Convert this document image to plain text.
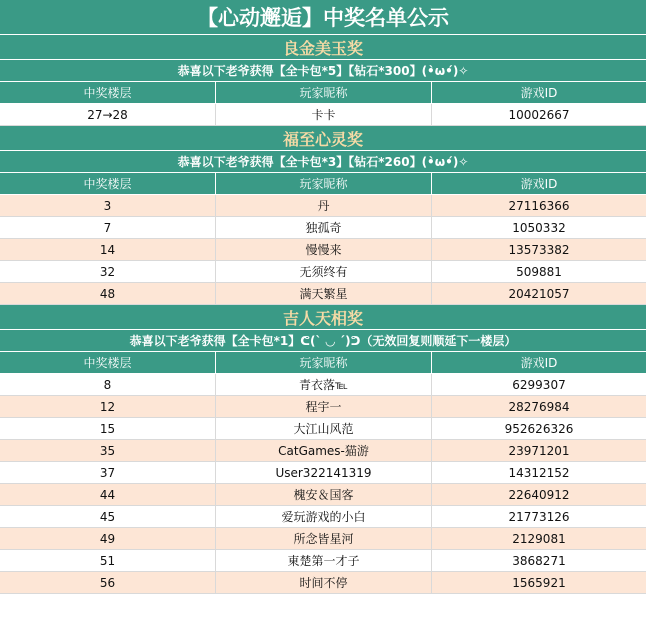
【心动邂逅】中奖名单公示
良金美玉奖
恭喜以下老爷获得【全卡包*5】【钻石*300】(•̀ω•́)✧
中奖楼层	玩家昵称	游戏ID
27→28	卡卡	10002667
福至心灵奖
恭喜以下老爷获得【全卡包*3】【钻石*260】(•̀ω•́)✧
中奖楼层	玩家昵称	游戏ID
3	丹	27116366
7	独孤奇	1050332
14	慢慢来	13573382
32	无须终有	509881
48	满天繁星	20421057
吉人天相奖
恭喜以下老爷获得【全卡包*1】ᕦ(ˋ ◡ ˊ)ᕤ（无效回复则顺延下一楼层）
中奖楼层	玩家昵称	游戏ID
8	青衣落℡	6299307
12	程宇一	28276984
15	大江山风范	952626326
35	CatGames-猫游	23971201
37	User322141319	14312152
44	槐安＆国客	22640912
45	爱玩游戏的小白	21773126
49	所念皆星河	2129081
51	東楚第一才子	3868271
56	时间不停	1565921
